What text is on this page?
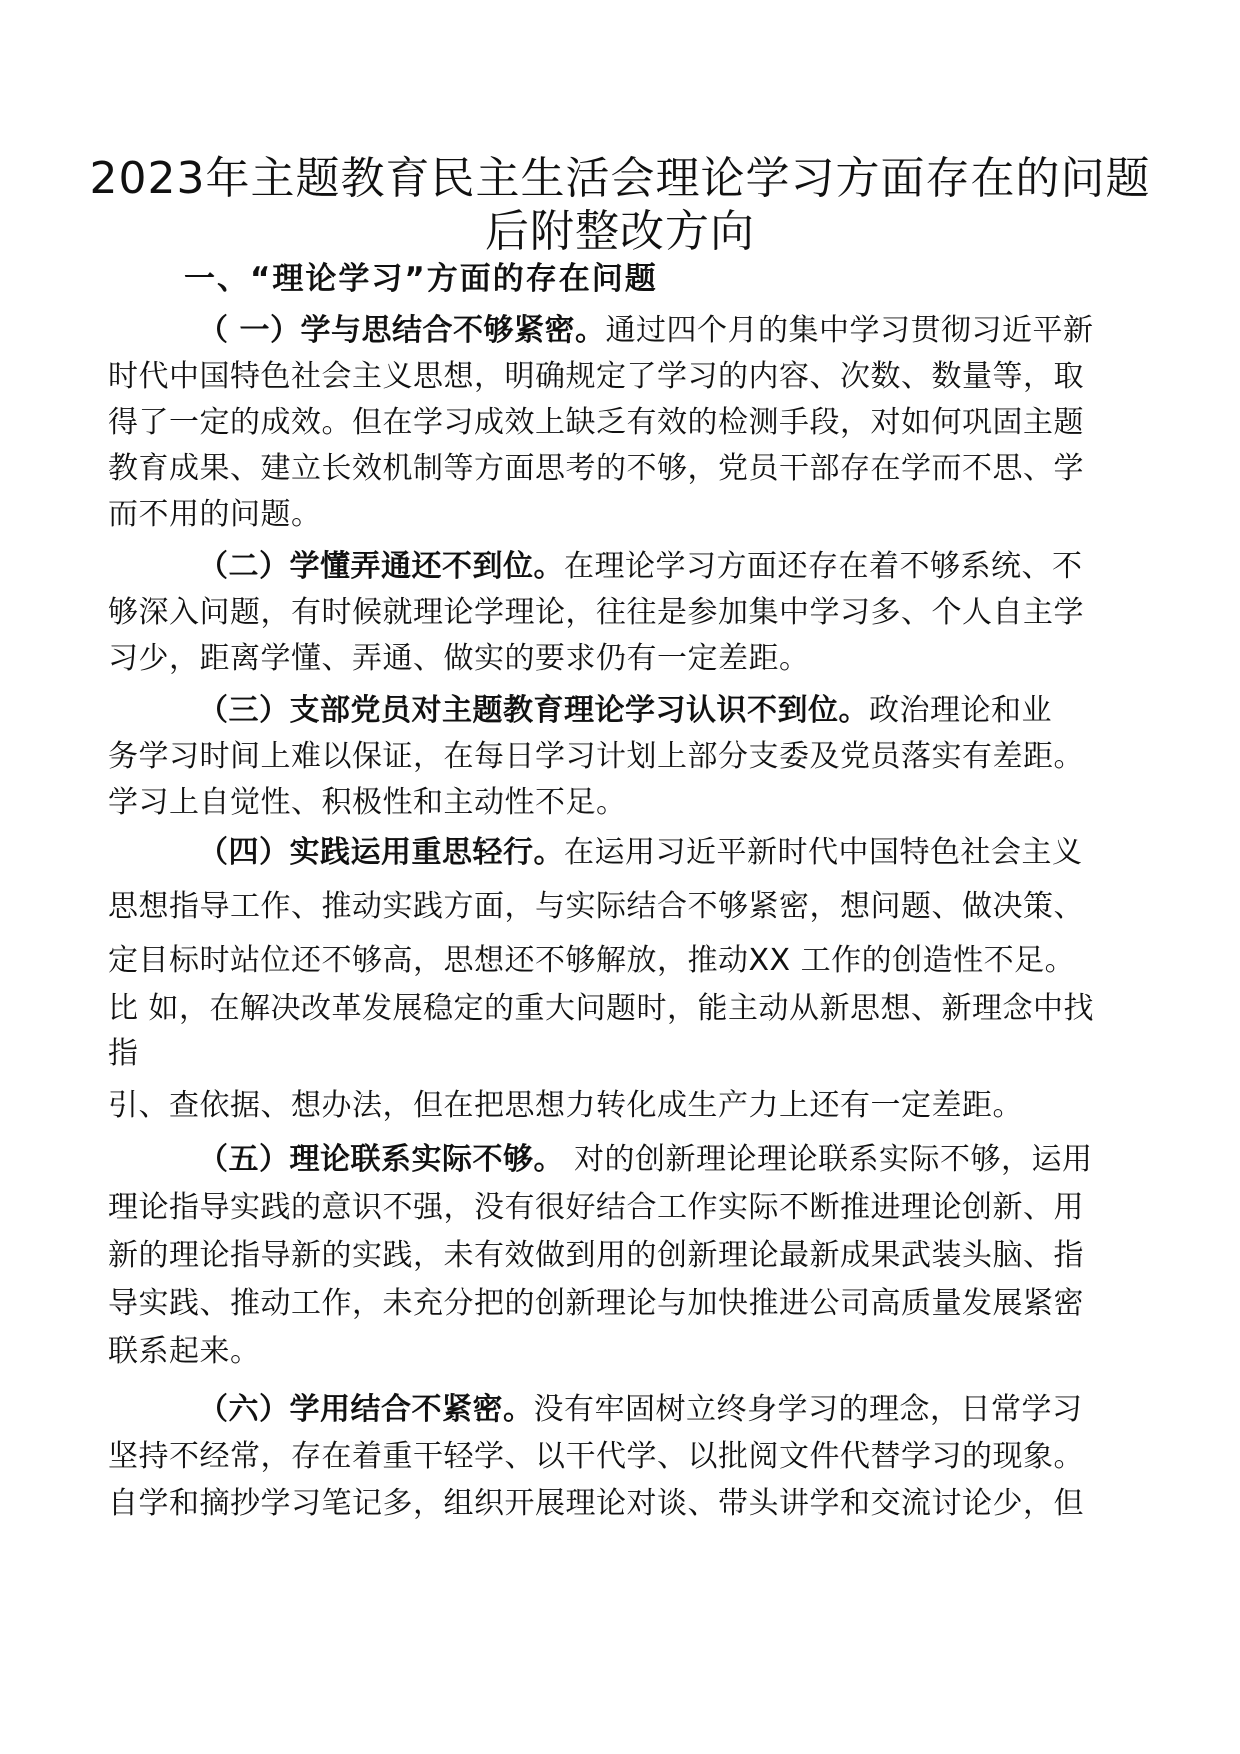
2023年主题教育民主生活会理论学习方面存在的问题
后附整改方向
一、“理论学习”方面的存在问题
（ 一）学与思结合不够紧密。通过四个月的集中学习贯彻习近平新
时代中国特色社会主义思想，明确规定了学习的内容、次数、数量等，取
得了一定的成效。但在学习成效上缺乏有效的检测手段，对如何巩固主题
教育成果、建立长效机制等方面思考的不够，党员干部存在学而不思、学
而不用的问题。
（二）学懂弄通还不到位。在理论学习方面还存在着不够系统、不
够深入问题，有时候就理论学理论，往往是参加集中学习多、个人自主学
习少，距离学懂、弄通、做实的要求仍有一定差距。
（三）支部党员对主题教育理论学习认识不到位。政治理论和业
务学习时间上难以保证，在每日学习计划上部分支委及党员落实有差距。
学习上自觉性、积极性和主动性不足。
（四）实践运用重思轻行。在运用习近平新时代中国特色社会主义
思想指导工作、推动实践方面，与实际结合不够紧密，想问题、做决策、
定目标时站位还不够高，思想还不够解放，推动XX 工作的创造性不足。
比 如，在解决改革发展稳定的重大问题时，能主动从新思想、新理念中找
指
引、查依据、想办法，但在把思想力转化成生产力上还有一定差距。
（五）理论联系实际不够。 对的创新理论理论联系实际不够，运用
理论指导实践的意识不强，没有很好结合工作实际不断推进理论创新、用
新的理论指导新的实践，未有效做到用的创新理论最新成果武装头脑、指
导实践、推动工作，未充分把的创新理论与加快推进公司高质量发展紧密
联系起来。
（六）学用结合不紧密。没有牢固树立终身学习的理念，日常学习
坚持不经常，存在着重干轻学、以干代学、以批阅文件代替学习的现象。
自学和摘抄学习笔记多，组织开展理论对谈、带头讲学和交流讨论少，但
